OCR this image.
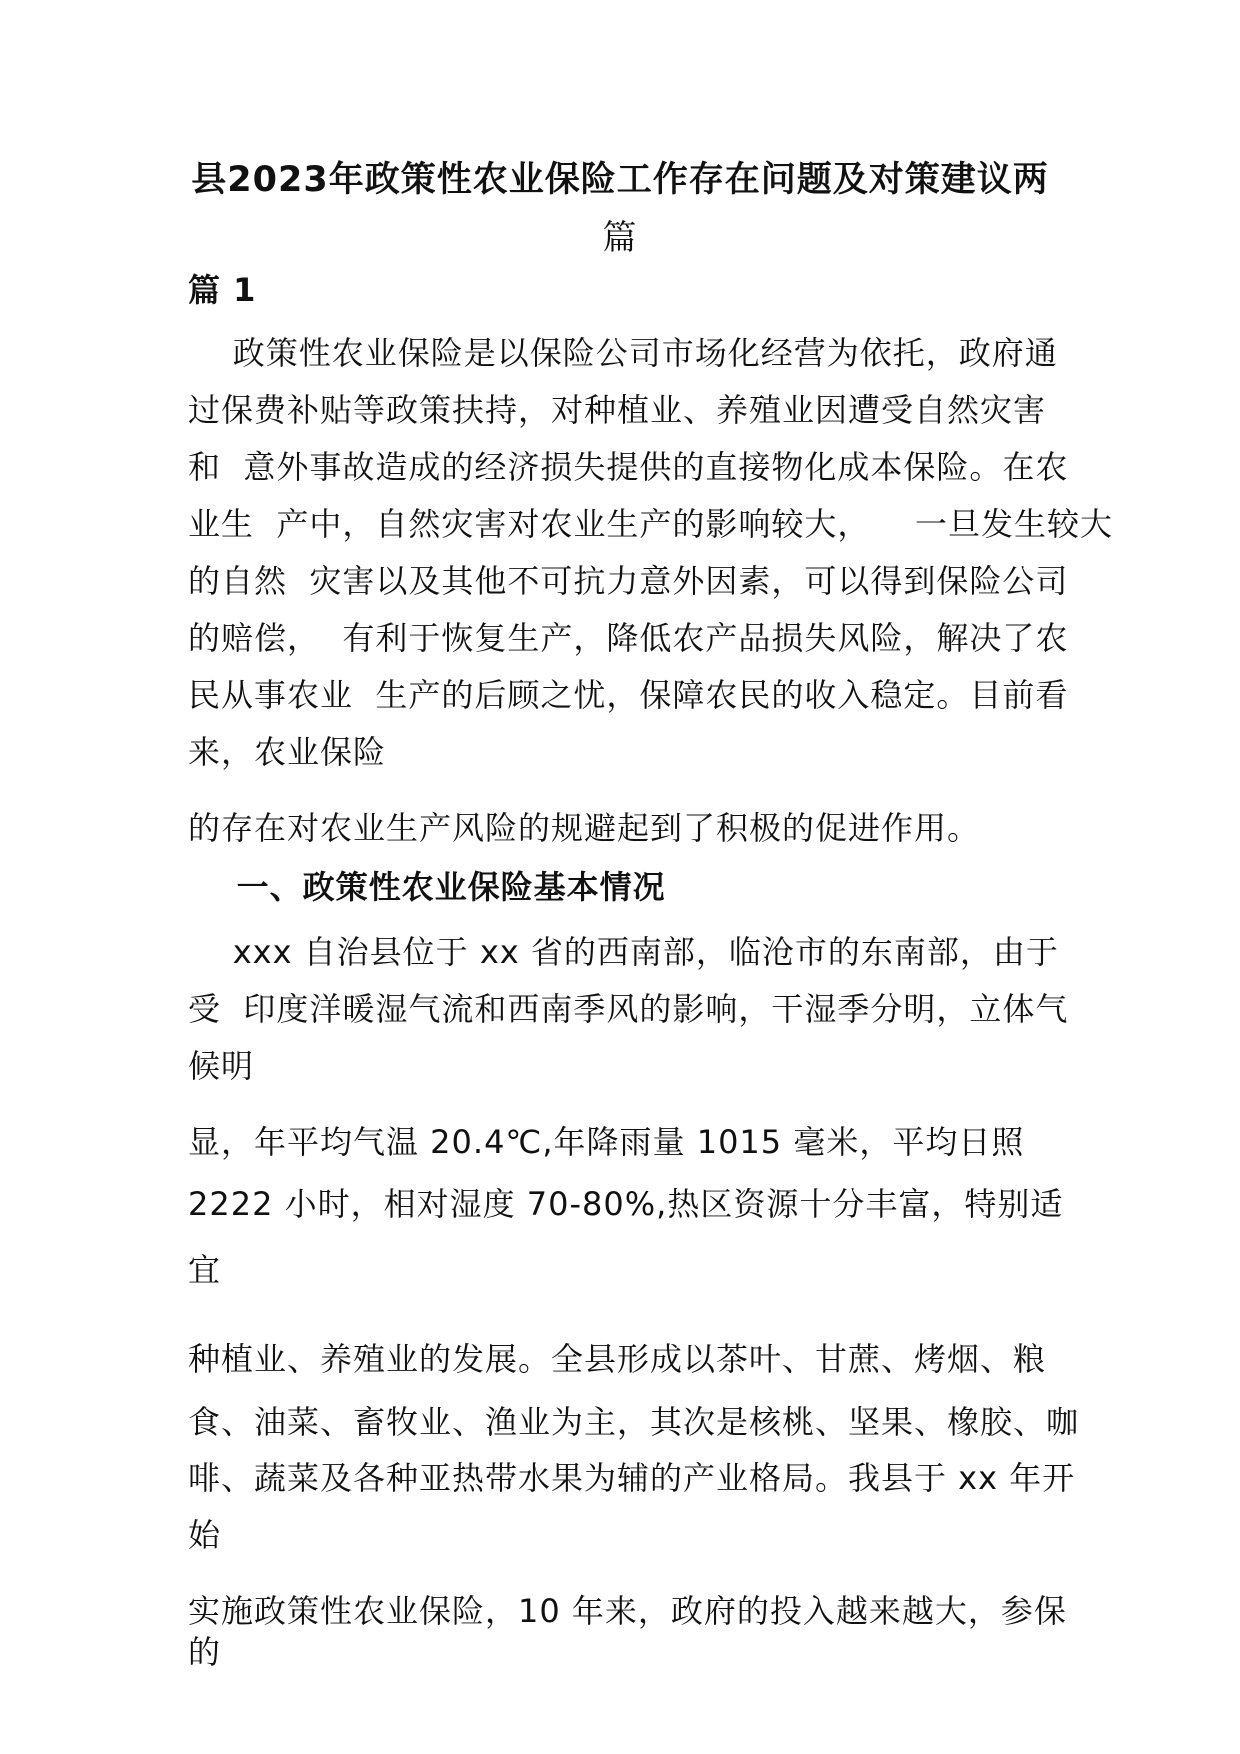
县2023年政策性农业保险工作存在问题及对策建议两
篇
篇 1
政策性农业保险是以保险公司市场化经营为依托，政府通
过保费补贴等政策扶持，对种植业、养殖业因遭受自然灾害
和  意外事故造成的经济损失提供的直接物化成本保险。在农
业生  产中，自然灾害对农业生产的影响较大，    一旦发生较大
的自然  灾害以及其他不可抗力意外因素，可以得到保险公司
的赔偿，  有利于恢复生产，降低农产品损失风险，解决了农
民从事农业  生产的后顾之忧，保障农民的收入稳定。目前看
来，农业保险
的存在对农业生产风险的规避起到了积极的促进作用。
一、政策性农业保险基本情况
xxx 自治县位于 xx 省的西南部，临沧市的东南部，由于
受  印度洋暖湿气流和西南季风的影响，干湿季分明，立体气
候明
显，年平均气温 20.4℃,年降雨量 1015 毫米，平均日照
2222 小时，相对湿度 70-80%,热区资源十分丰富，特别适
宜
种植业、养殖业的发展。全县形成以茶叶、甘蔗、烤烟、粮
食、油菜、畜牧业、渔业为主，其次是核桃、坚果、橡胶、咖
啡、蔬菜及各种亚热带水果为辅的产业格局。我县于 xx 年开
始
实施政策性农业保险，10 年来，政府的投入越来越大，参保
的
